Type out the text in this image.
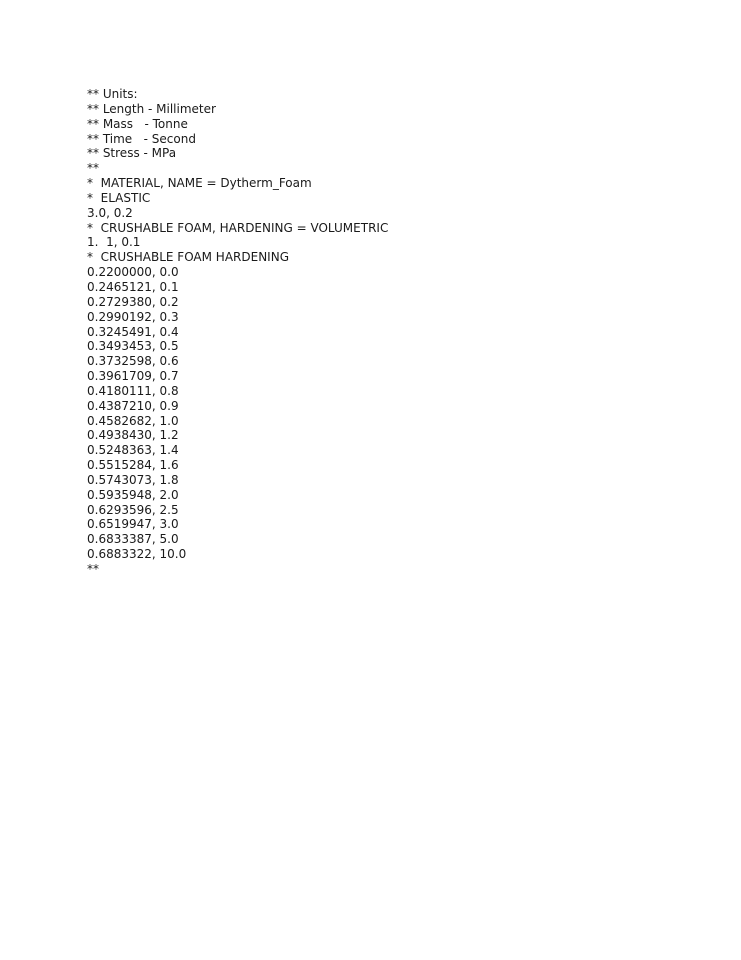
** Units:
** Length - Millimeter
** Mass   - Tonne
** Time   - Second
** Stress - MPa
**
*  MATERIAL, NAME = Dytherm_Foam
*  ELASTIC
3.0, 0.2
*  CRUSHABLE FOAM, HARDENING = VOLUMETRIC
1.  1, 0.1
*  CRUSHABLE FOAM HARDENING
0.2200000, 0.0
0.2465121, 0.1
0.2729380, 0.2
0.2990192, 0.3
0.3245491, 0.4
0.3493453, 0.5
0.3732598, 0.6
0.3961709, 0.7
0.4180111, 0.8
0.4387210, 0.9
0.4582682, 1.0
0.4938430, 1.2
0.5248363, 1.4
0.5515284, 1.6
0.5743073, 1.8
0.5935948, 2.0
0.6293596, 2.5
0.6519947, 3.0
0.6833387, 5.0
0.6883322, 10.0
**
